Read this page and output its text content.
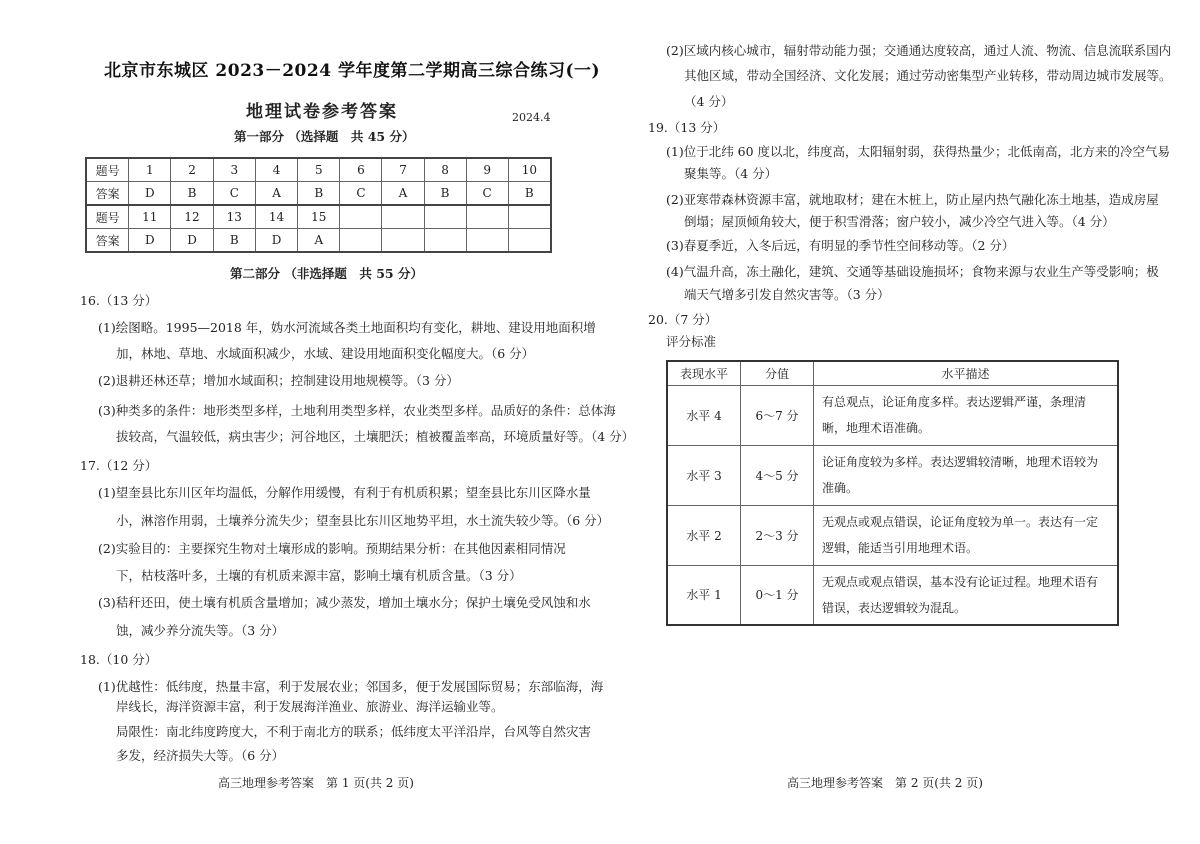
北京市东城区 2023－2024 学年度第二学期高三综合练习(一)
地理试卷参考答案	2024.4
第一部分 （选择题　共 45 分）
题号	1	2	3	4	5	6	7	8	9	10
答案	D	B	C	A	B	C	A	B	C	B
题号	11	12	13	14	15					
答案	D	D	B	D	A					
第二部分 （非选择题　共 55 分）
16.（13 分）
(1)绘图略。1995—2018 年，妫水河流域各类土地面积均有变化，耕地、建设用地面积增
加，林地、草地、水域面积减少，水域、建设用地面积变化幅度大。（6 分）
(2)退耕还林还草；增加水域面积；控制建设用地规模等。（3 分）
(3)种类多的条件：地形类型多样，土地利用类型多样，农业类型多样。品质好的条件：总体海
拔较高，气温较低，病虫害少；河谷地区，土壤肥沃；植被覆盖率高，环境质量好等。（4 分）
17.（12 分）
(1)望奎县比东川区年均温低，分解作用缓慢，有利于有机质积累；望奎县比东川区降水量
小，淋溶作用弱，土壤养分流失少；望奎县比东川区地势平坦，水土流失较少等。（6 分）
(2)实验目的：主要探究生物对土壤形成的影响。预期结果分析：在其他因素相同情况
下，枯枝落叶多，土壤的有机质来源丰富，影响土壤有机质含量。（3 分）
(3)秸秆还田，使土壤有机质含量增加；减少蒸发，增加土壤水分；保护土壤免受风蚀和水
蚀，减少养分流失等。（3 分）
18.（10 分）
(1)优越性：低纬度，热量丰富，利于发展农业；邻国多，便于发展国际贸易；东部临海，海
岸线长，海洋资源丰富，利于发展海洋渔业、旅游业、海洋运输业等。
局限性：南北纬度跨度大，不利于南北方的联系；低纬度太平洋沿岸，台风等自然灾害
多发，经济损失大等。（6 分）
高三地理参考答案　第 1 页(共 2 页)
(2)区域内核心城市，辐射带动能力强；交通通达度较高，通过人流、物流、信息流联系国内
其他区域，带动全国经济、文化发展；通过劳动密集型产业转移，带动周边城市发展等。
（4 分）
19.（13 分）
(1)位于北纬 60 度以北，纬度高，太阳辐射弱，获得热量少；北低南高，北方来的冷空气易
聚集等。（4 分）
(2)亚寒带森林资源丰富，就地取材；建在木桩上，防止屋内热气融化冻土地基，造成房屋
倒塌；屋顶倾角较大，便于积雪滑落；窗户较小，减少冷空气进入等。（4 分）
(3)春夏季近，入冬后远，有明显的季节性空间移动等。（2 分）
(4)气温升高，冻土融化，建筑、交通等基础设施损坏；食物来源与农业生产等受影响；极
端天气增多引发自然灾害等。（3 分）
20.（7 分）
评分标准
表现水平	分值	水平描述
水平 4	6～7 分	有总观点，论证角度多样。表达逻辑严谨，条理清晰，地理术语准确。
水平 3	4～5 分	论证角度较为多样。表达逻辑较清晰，地理术语较为准确。
水平 2	2～3 分	无观点或观点错误，论证角度较为单一。表达有一定逻辑，能适当引用地理术语。
水平 1	0～1 分	无观点或观点错误，基本没有论证过程。地理术语有错误，表达逻辑较为混乱。
高三地理参考答案　第 2 页(共 2 页)
